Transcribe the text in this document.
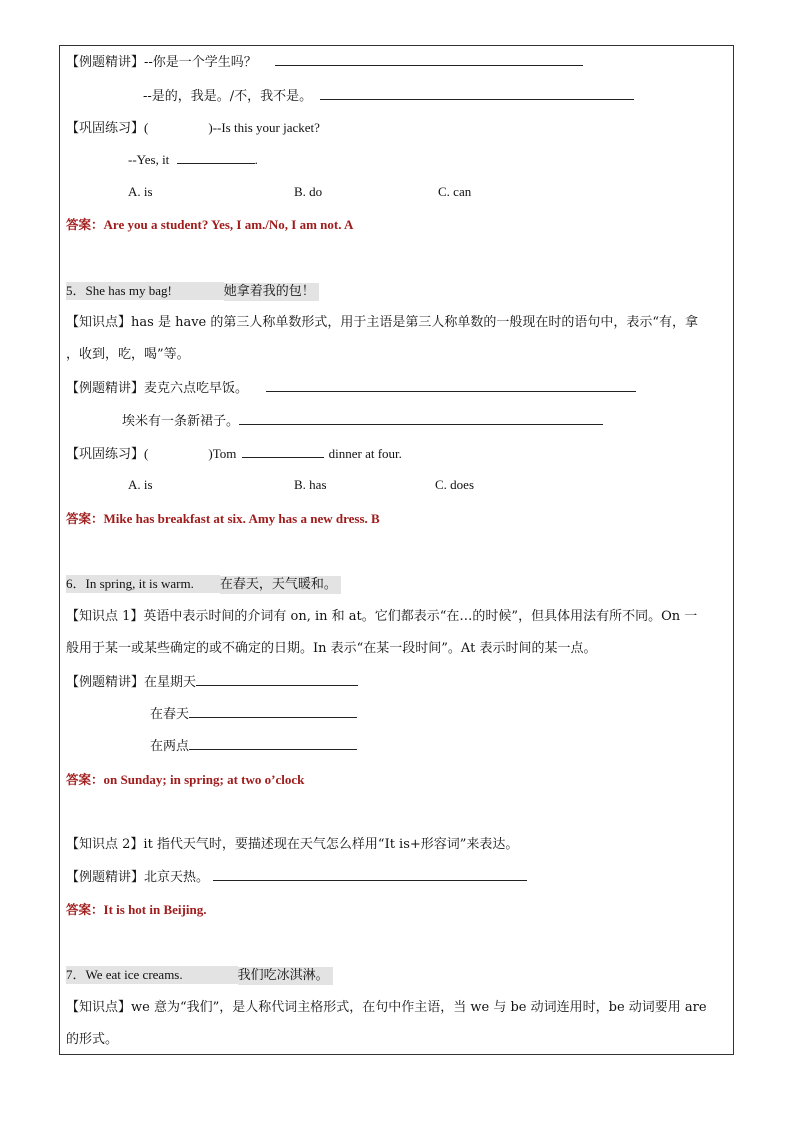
【例题精讲】--你是一个学生吗？
--是的，我是。/不，我不是。
【巩固练习】(	)--Is this your jacket?
--Yes, it	.
A. is	B. do	C. can
答案：Are you a student? Yes, I am./No, I am not. A
5．She has my bag!	她拿着我的包！
【知识点】has 是 have 的第三人称单数形式，用于主语是第三人称单数的一般现在时的语句中，表示“有，拿
，收到，吃，喝”等。
【例题精讲】麦克六点吃早饭。
埃米有一条新裙子。
【巩固练习】(	)Tom	dinner at four.
A. is	B. has	C. does
答案：Mike has breakfast at six. Amy has a new dress. B
6．In spring, it is warm. 在春天，天气暖和。
【知识点 1】英语中表示时间的介词有 on, in 和 at。它们都表示“在…的时候”，但具体用法有所不同。On 一
般用于某一或某些确定的或不确定的日期。In 表示“在某一段时间”。At 表示时间的某一点。
【例题精讲】在星期天
在春天
在两点
答案：on Sunday; in spring; at two o’clock
【知识点 2】it 指代天气时，要描述现在天气怎么样用“It is+形容词”来表达。
【例题精讲】北京天热。
答案：It is hot in Beijing.
7．We eat ice creams.	我们吃冰淇淋。
【知识点】we 意为“我们”，是人称代词主格形式，在句中作主语，当 we 与 be 动词连用时，be 动词要用 are
的形式。
